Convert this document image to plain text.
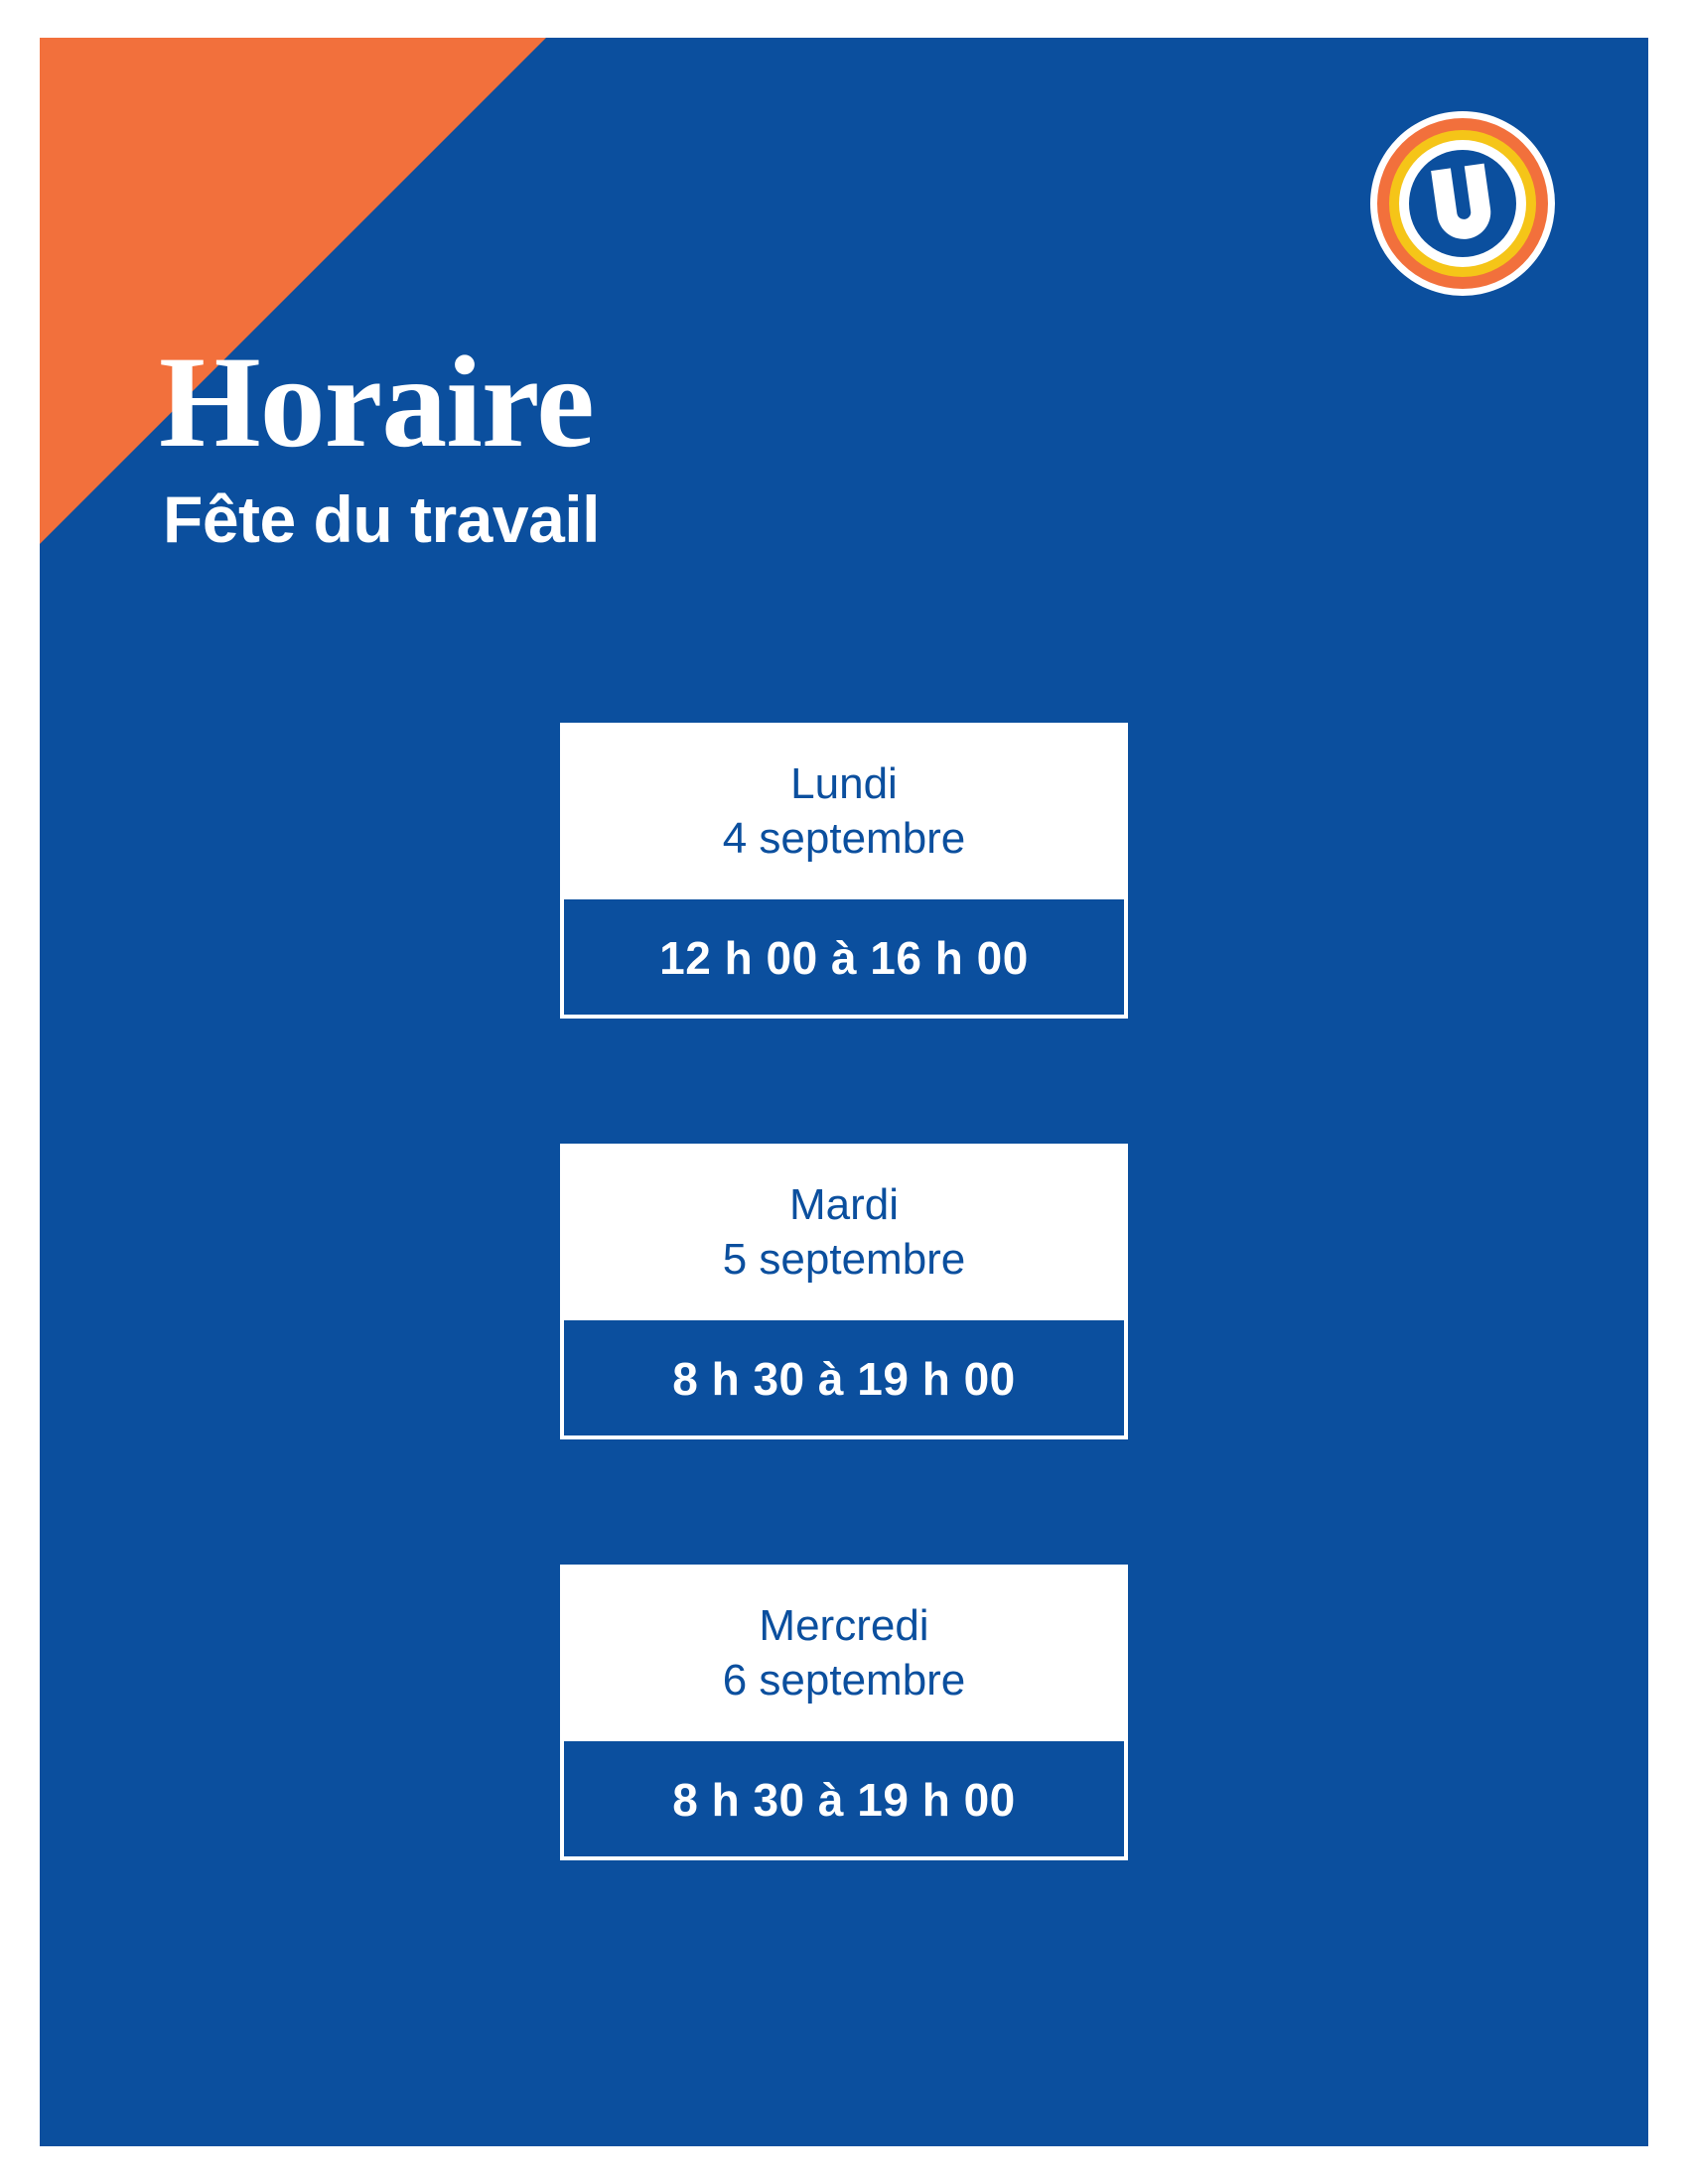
Horaire
Fête du travail
Lundi
4 septembre
12 h 00 à 16 h 00
Mardi
5 septembre
8 h 30 à 19 h 00
Mercredi
6 septembre
8 h 30 à 19 h 00
